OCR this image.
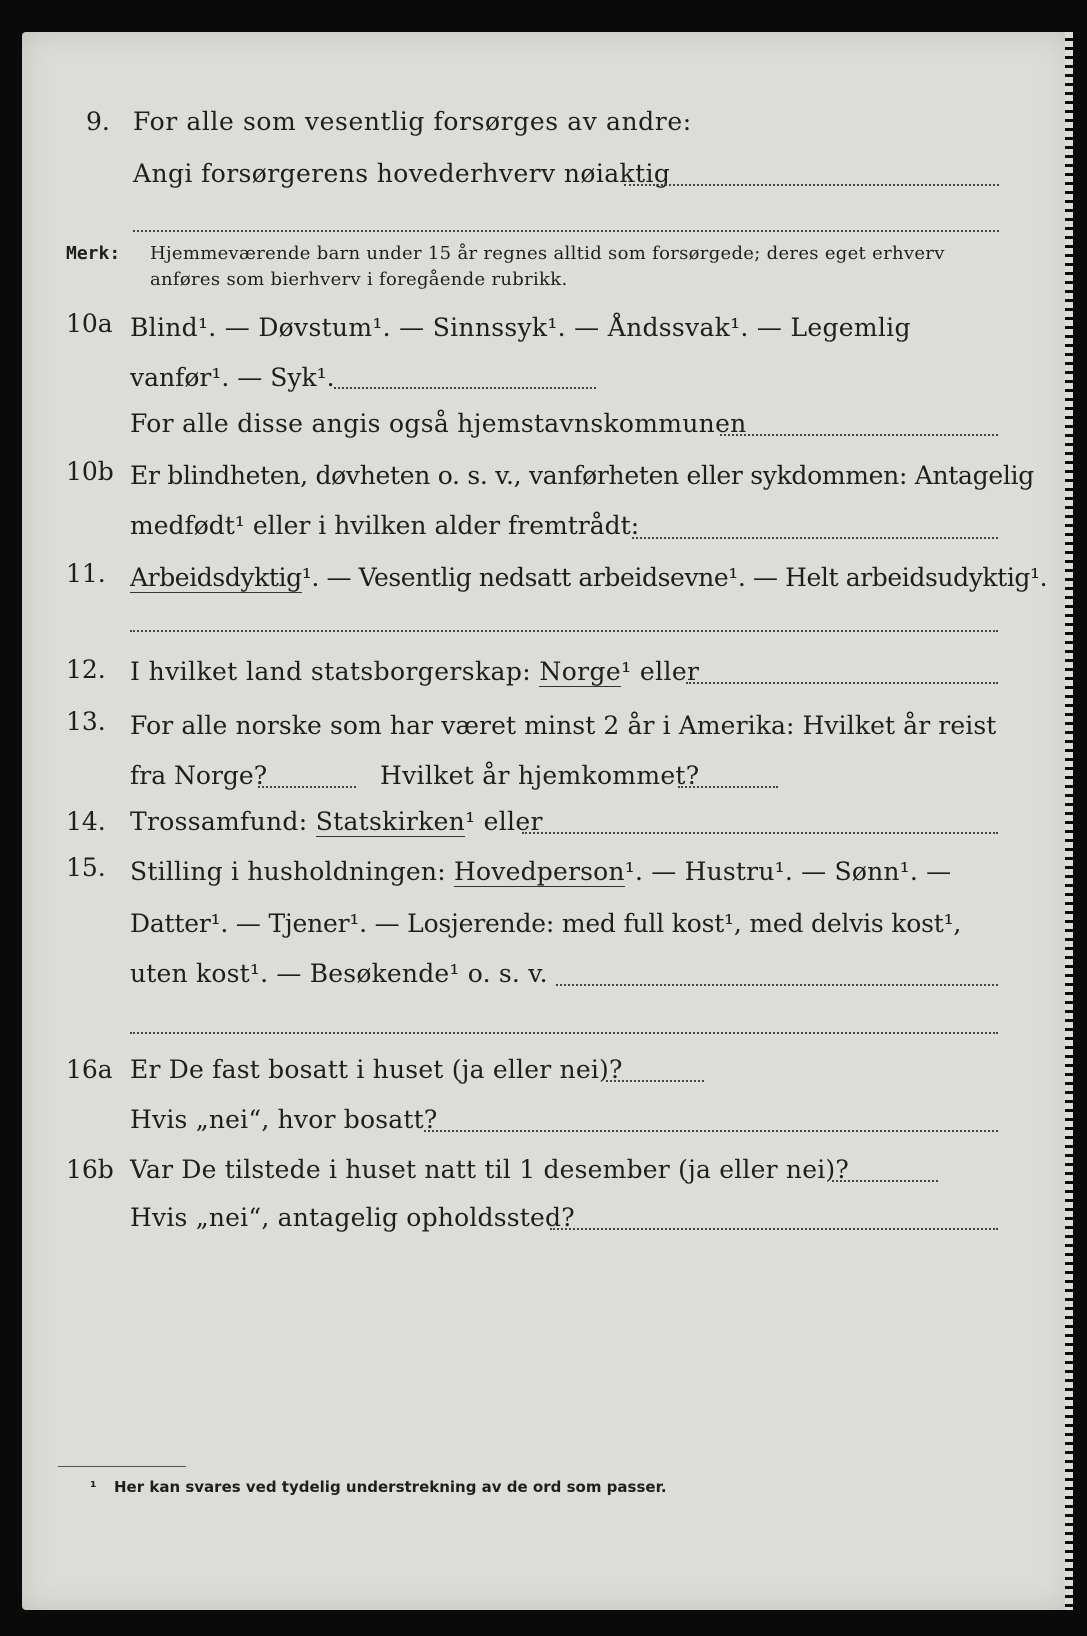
9. For alle som vesentlig forsørges av andre:
Angi forsørgerens hovederhverv nøiaktig
Merk: Hjemmeværende barn under 15 år regnes alltid som forsørgede; deres eget erhverv
anføres som bierhverv i foregående rubrikk.
10a Blind¹. — Døvstum¹. — Sinnssyk¹. — Åndssvak¹. — Legemlig
vanfør¹. — Syk¹.
For alle disse angis også hjemstavnskommunen
10b Er blindheten, døvheten o. s. v., vanførheten eller sykdommen: Antagelig
medfødt¹ eller i hvilken alder fremtrådt:
11. Arbeidsdyktig¹. — Vesentlig nedsatt arbeidsevne¹. — Helt arbeidsudyktig¹.
12. I hvilket land statsborgerskap: Norge¹ eller
13. For alle norske som har været minst 2 år i Amerika: Hvilket år reist
fra Norge?	Hvilket år hjemkommet?
14. Trossamfund: Statskirken¹ eller
15. Stilling i husholdningen: Hovedperson¹. — Hustru¹. — Sønn¹. —
Datter¹. — Tjener¹. — Losjerende: med full kost¹, med delvis kost¹,
uten kost¹. — Besøkende¹ o. s. v.
16a Er De fast bosatt i huset (ja eller nei)?
Hvis „nei“, hvor bosatt?
16b Var De tilstede i huset natt til 1 desember (ja eller nei)?
Hvis „nei“, antagelig opholdssted?
¹ Her kan svares ved tydelig understrekning av de ord som passer.
